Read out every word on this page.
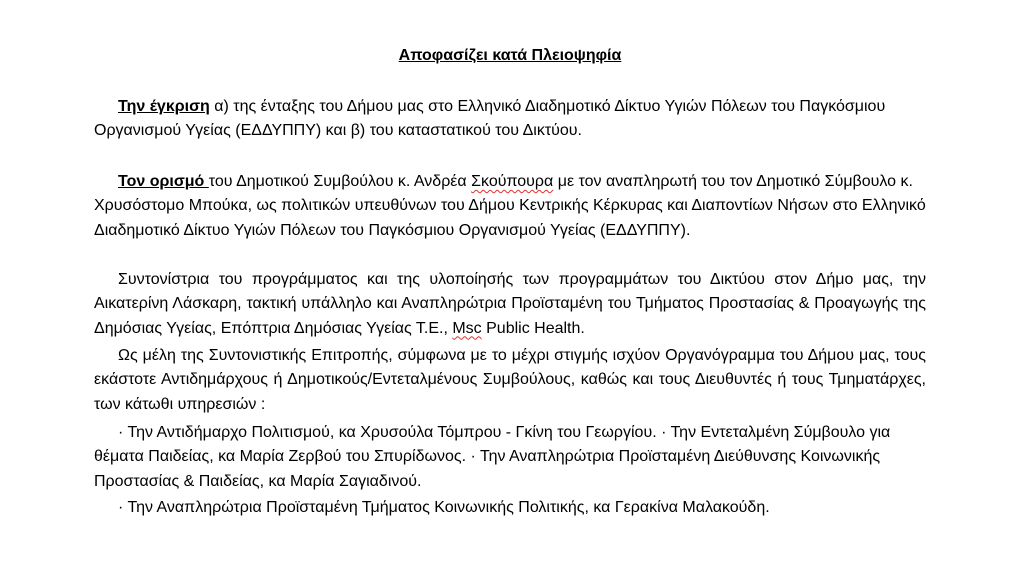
Αποφασίζει κατά Πλειοψηφία

Την έγκριση α) της ένταξης του Δήμου μας στο Ελληνικό Διαδημοτικό Δίκτυο Υγιών Πόλεων του Παγκόσμιου Οργανισμού Υγείας (ΕΔΔΥΠΠΥ) και β) του καταστατικού του Δικτύου.

Τον ορισμό του Δημοτικού Συμβούλου κ. Ανδρέα Σκούπουρα με τον αναπληρωτή του τον Δημοτικό Σύμβουλο κ. Χρυσόστομο Μπούκα, ως πολιτικών υπευθύνων του Δήμου Κεντρικής Κέρκυρας και Διαποντίων Νήσων στο Ελληνικό Διαδημοτικό Δίκτυο Υγιών Πόλεων του Παγκόσμιου Οργανισμού Υγείας (ΕΔΔΥΠΠΥ).

Συντονίστρια του προγράμματος και της υλοποίησής των προγραμμάτων του Δικτύου στον Δήμο μας, την Αικατερίνη Λάσκαρη, τακτική υπάλληλο και Αναπληρώτρια Προϊσταμένη του Τμήματος Προστασίας & Προαγωγής της Δημόσιας Υγείας, Επόπτρια Δημόσιας Υγείας Τ.Ε., Msc Public Health.

Ως μέλη της Συντονιστικής Επιτροπής, σύμφωνα με το μέχρι στιγμής ισχύον Οργανόγραμμα του Δήμου μας, τους εκάστοτε Αντιδημάρχους ή Δημοτικούς/Εντεταλμένους Συμβούλους, καθώς και τους Διευθυντές ή τους Τμηματάρχες, των κάτωθι υπηρεσιών :

· Την Αντιδήμαρχο Πολιτισμού, κα Χρυσούλα Τόμπρου - Γκίνη του Γεωργίου. · Την Εντεταλμένη Σύμβουλο για θέματα Παιδείας, κα Μαρία Ζερβού του Σπυρίδωνος. · Την Αναπληρώτρια Προϊσταμένη Διεύθυνσης Κοινωνικής Προστασίας & Παιδείας, κα Μαρία Σαγιαδινού.

· Την Αναπληρώτρια Προϊσταμένη Τμήματος Κοινωνικής Πολιτικής, κα Γερακίνα Μαλακούδη.
